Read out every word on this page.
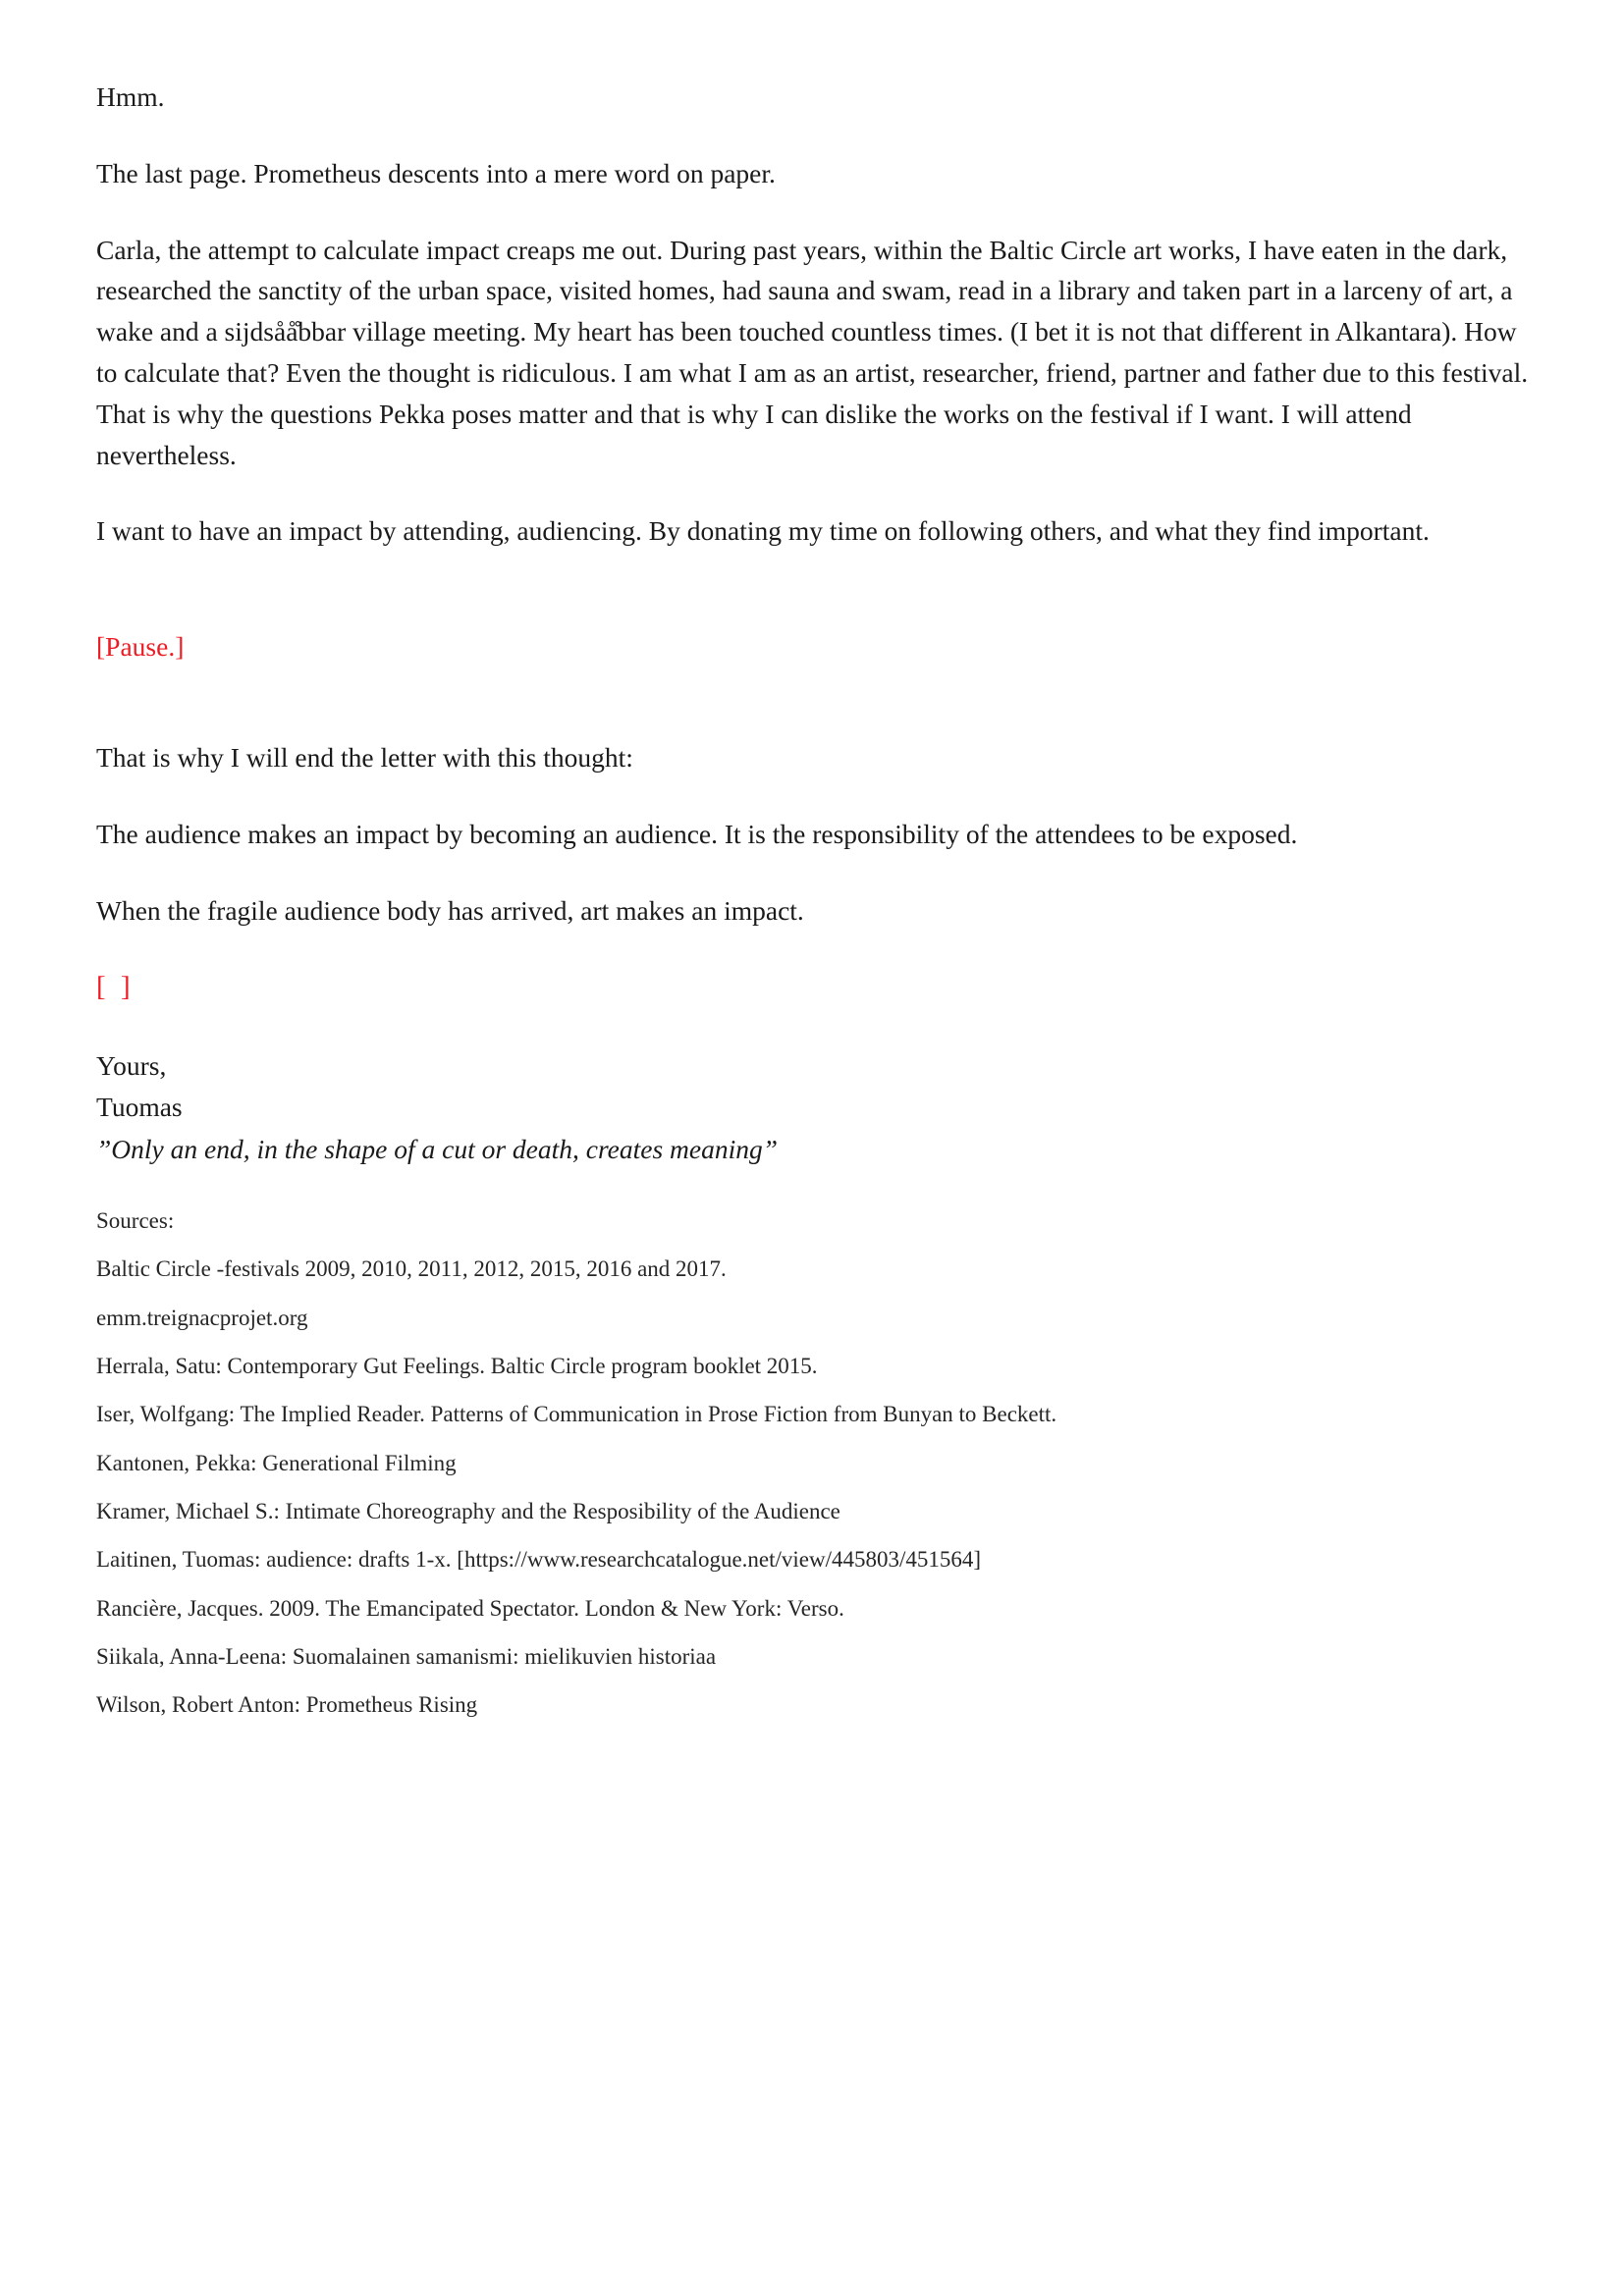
Hmm.

The last page. Prometheus descents into a mere word on paper.

Carla, the attempt to calculate impact creaps me out. During past years, within the Baltic Circle art works, I have eaten in the dark, researched the sanctity of the urban space, visited homes, had sauna and swam, read in a library and taken part in a larceny of art, a wake and a sijdsåå̊bbar village meeting. My heart has been touched countless times. (I bet it is not that different in Alkantara). How to calculate that? Even the thought is ridiculous. I am what I am as an artist, researcher, friend, partner and father due to this festival. That is why the questions Pekka poses matter and that is why I can dislike the works on the festival if I want. I will attend nevertheless.

I want to have an impact by attending, audiencing. By donating my time on following others, and what they find important.

[Pause.]

That is why I will end the letter with this thought:

The audience makes an impact by becoming an audience. It is the responsibility of the attendees to be exposed.

When the fragile audience body has arrived, art makes an impact.

[ ]

Yours,

Tuomas

”Only an end, in the shape of a cut or death, creates meaning”

Sources:

Baltic Circle -festivals 2009, 2010, 2011, 2012, 2015, 2016 and 2017.

emm.treignacprojet.org

Herrala, Satu: Contemporary Gut Feelings. Baltic Circle program booklet 2015.

Iser, Wolfgang: The Implied Reader. Patterns of Communication in Prose Fiction from Bunyan to Beckett.

Kantonen, Pekka: Generational Filming

Kramer, Michael S.: Intimate Choreography and the Resposibility of the Audience

Laitinen, Tuomas: audience: drafts 1-x. [https://www.researchcatalogue.net/view/445803/451564]

Rancière, Jacques. 2009. The Emancipated Spectator. London & New York: Verso.

Siikala, Anna-Leena: Suomalainen samanismi: mielikuvien historiaa

Wilson, Robert Anton: Prometheus Rising
